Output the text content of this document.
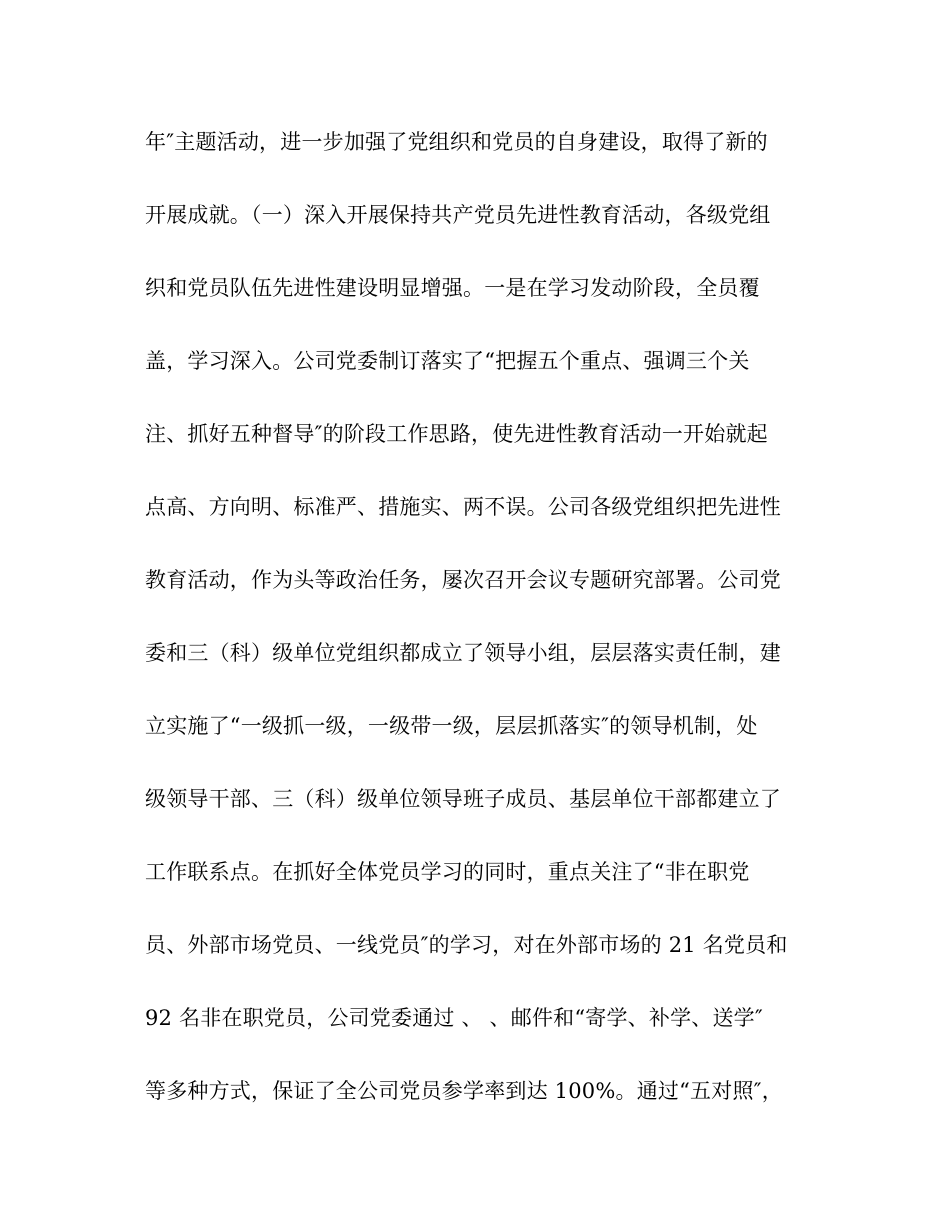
年″主题活动，进一步加强了党组织和党员的自身建设，取得了新的
开展成就。（一）深入开展保持共产党员先进性教育活动，各级党组
织和党员队伍先进性建设明显增强。一是在学习发动阶段，全员覆
盖，学习深入。公司党委制订落实了“把握五个重点、强调三个关
注、抓好五种督导″的阶段工作思路，使先进性教育活动一开始就起
点高、方向明、标准严、措施实、两不误。公司各级党组织把先进性
教育活动，作为头等政治任务，屡次召开会议专题研究部署。公司党
委和三（科）级单位党组织都成立了领导小组，层层落实责任制，建
立实施了“一级抓一级，一级带一级，层层抓落实″的领导机制，处
级领导干部、三（科）级单位领导班子成员、基层单位干部都建立了
工作联系点。在抓好全体党员学习的同时，重点关注了“非在职党
员、外部市场党员、一线党员″的学习，对在外部市场的 21 名党员和
92 名非在职党员，公司党委通过 、 、邮件和“寄学、补学、送学″
等多种方式，保证了全公司党员参学率到达 100%。通过“五对照″，
